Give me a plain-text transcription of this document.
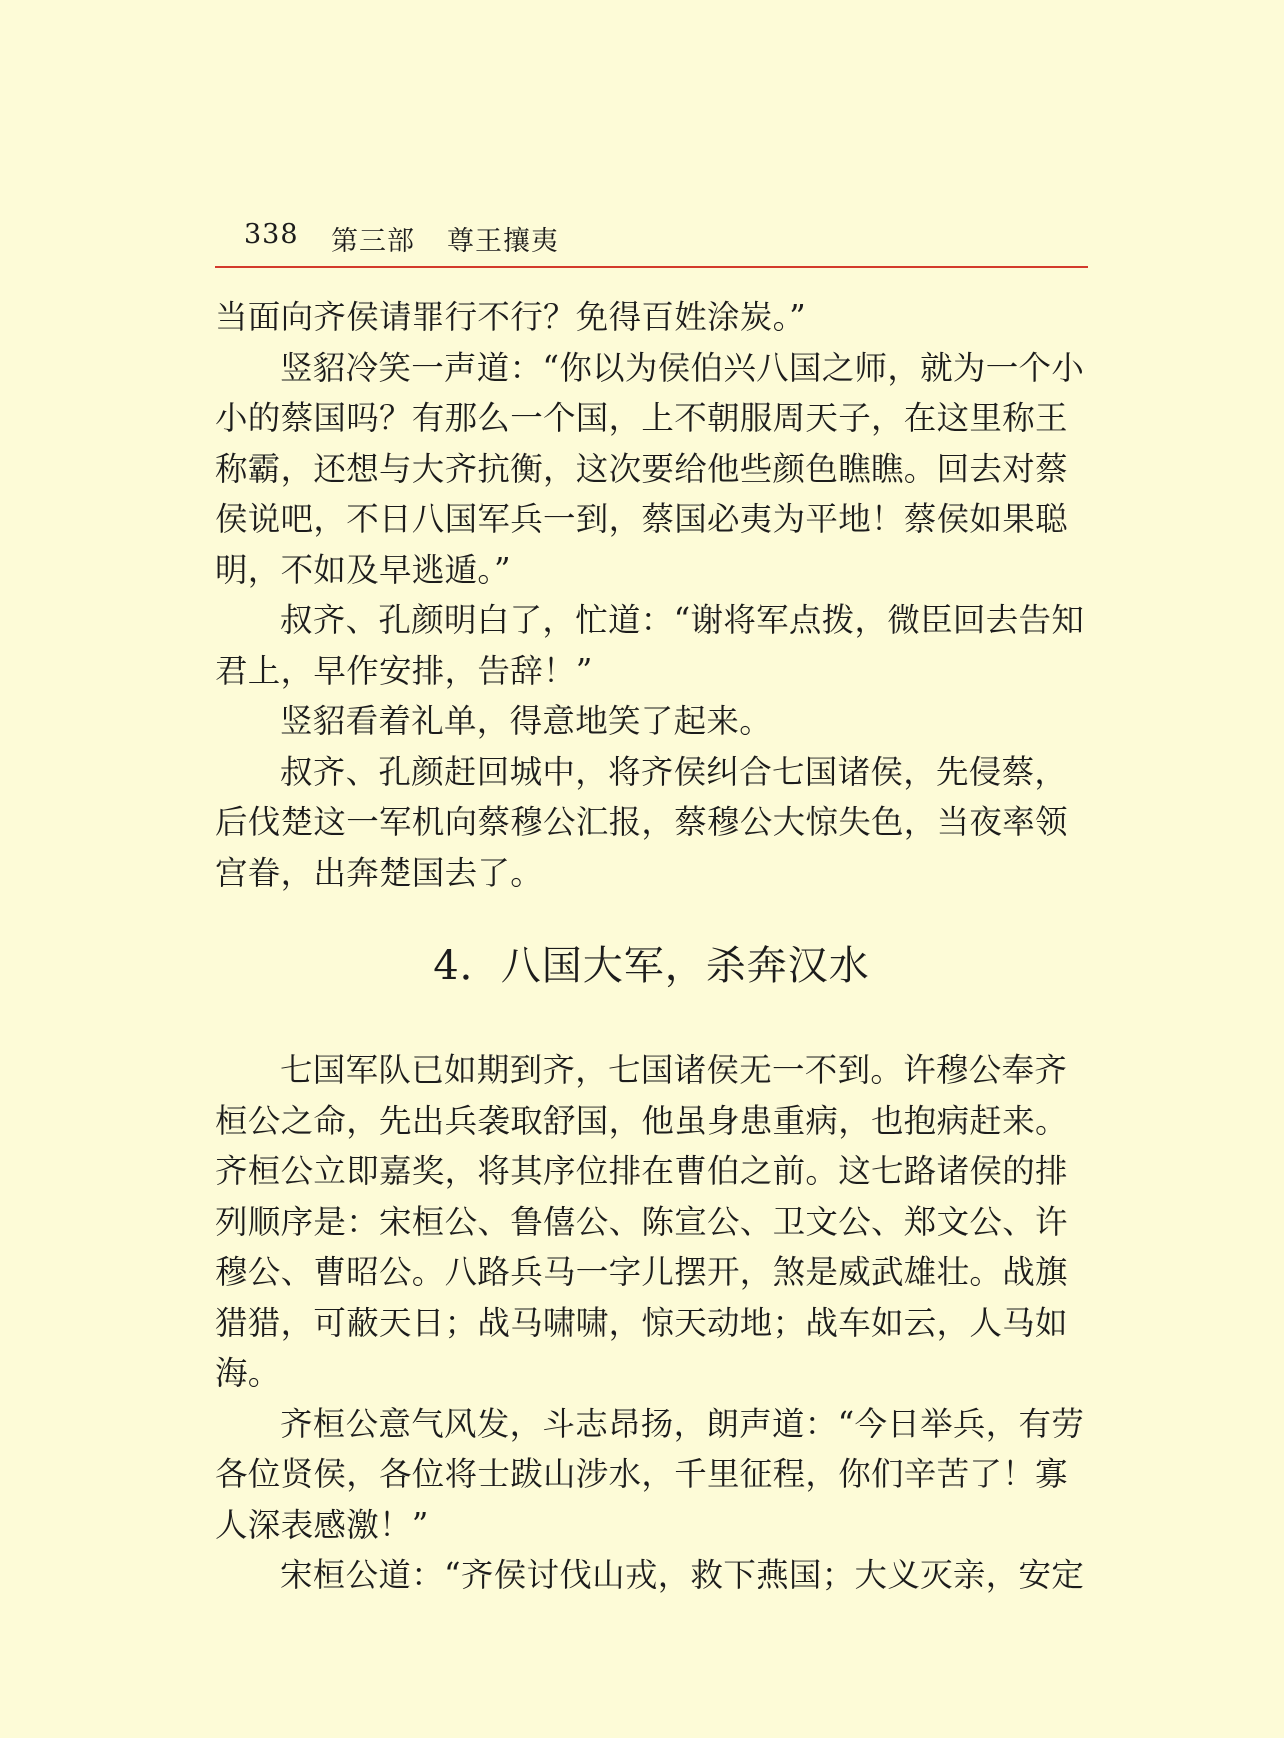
338 第三部 尊王攘夷

当面向齐侯请罪行不行？免得百姓涂炭。”

竖貂冷笑一声道：“你以为侯伯兴八国之师，就为一个小小的蔡国吗？有那么一个国，上不朝服周天子，在这里称王称霸，还想与大齐抗衡，这次要给他些颜色瞧瞧。回去对蔡侯说吧，不日八国军兵一到，蔡国必夷为平地！蔡侯如果聪明，不如及早逃遁。”

叔齐、孔颜明白了，忙道：“谢将军点拨，微臣回去告知君上，早作安排，告辞！”

竖貂看着礼单，得意地笑了起来。

叔齐、孔颜赶回城中，将齐侯纠合七国诸侯，先侵蔡，后伐楚这一军机向蔡穆公汇报，蔡穆公大惊失色，当夜率领宫眷，出奔楚国去了。

4．八国大军，杀奔汉水

七国军队已如期到齐，七国诸侯无一不到。许穆公奉齐桓公之命，先出兵袭取舒国，他虽身患重病，也抱病赶来。齐桓公立即嘉奖，将其序位排在曹伯之前。这七路诸侯的排列顺序是：宋桓公、鲁僖公、陈宣公、卫文公、郑文公、许穆公、曹昭公。八路兵马一字儿摆开，煞是威武雄壮。战旗猎猎，可蔽天日；战马啸啸，惊天动地；战车如云，人马如海。

齐桓公意气风发，斗志昂扬，朗声道：“今日举兵，有劳各位贤侯，各位将士跋山涉水，千里征程，你们辛苦了！寡人深表感激！”

宋桓公道：“齐侯讨伐山戎，救下燕国；大义灭亲，安定
